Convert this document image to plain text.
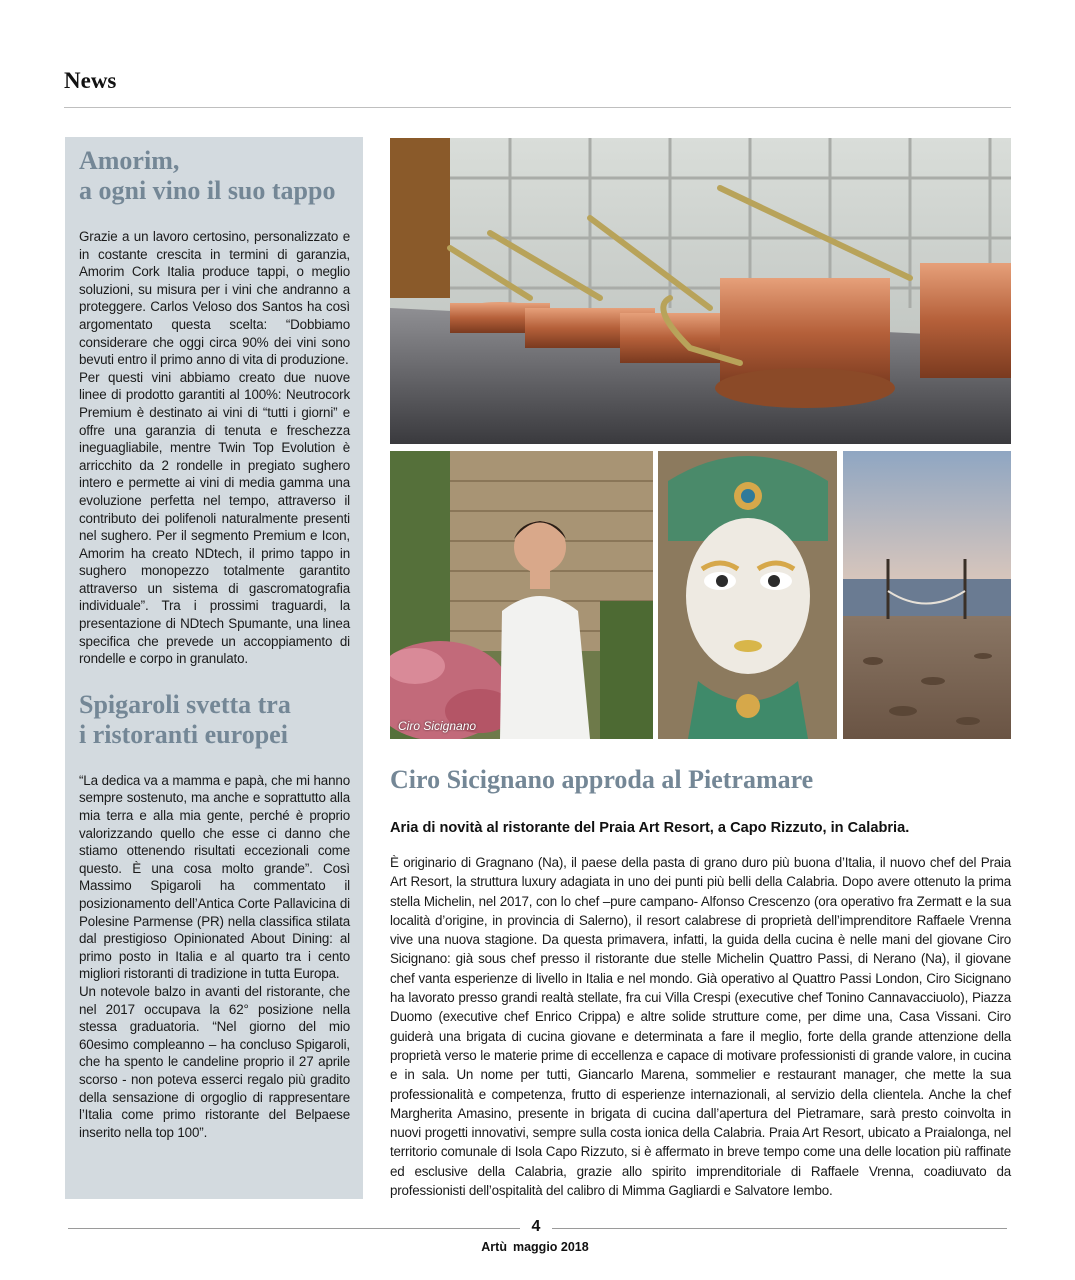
News
Amorim,
a ogni vino il suo tappo

Grazie a un lavoro certosino, personalizzato e in costante crescita in termini di garanzia, Amorim Cork Italia produce tappi, o meglio soluzioni, su misura per i vini che andranno a proteggere. Carlos Veloso dos Santos ha così argomentato questa scelta: “Dobbiamo considerare che oggi circa 90% dei vini sono bevuti entro il primo anno di vita di produzione.

Per questi vini abbiamo creato due nuove linee di prodotto garantiti al 100%: Neutrocork Premium è destinato ai vini di “tutti i giorni” e offre una garanzia di tenuta e freschezza ineguagliabile, mentre Twin Top Evolution è arricchito da 2 rondelle in pregiato sughero intero e permette ai vini di media gamma una evoluzione perfetta nel tempo, attraverso il contributo dei polifenoli naturalmente presenti nel sughero. Per il segmento Premium e Icon, Amorim ha creato NDtech, il primo tappo in sughero monopezzo totalmente garantito attraverso un sistema di gascromatografia individuale”. Tra i prossimi traguardi, la presentazione di NDtech Spumante, una linea specifica che prevede un accoppiamento di rondelle e corpo in granulato.

Spigaroli svetta tra
i ristoranti europei

“La dedica va a mamma e papà, che mi hanno sempre sostenuto, ma anche e soprattutto alla mia terra e alla mia gente, perché è proprio valorizzando quello che esse ci danno che stiamo ottenendo risultati eccezionali come questo. È una cosa molto grande”. Così Massimo Spigaroli ha commentato il posizionamento dell’Antica Corte Pallavicina di Polesine Parmense (PR) nella classifica stilata dal prestigioso Opinionated About Dining: al primo posto in Italia e al quarto tra i cento migliori ristoranti di tradizione in tutta Europa.

Un notevole balzo in avanti del ristorante, che nel 2017 occupava la 62° posizione nella stessa graduatoria. “Nel giorno del mio 60esimo compleanno – ha concluso Spigaroli, che ha spento le candeline proprio il 27 aprile scorso - non poteva esserci regalo più gradito della sensazione di orgoglio di rappresentare l’Italia come primo ristorante del Belpaese inserito nella top 100”.

Ciro Sicignano
Ciro Sicignano approda al Pietramare

Aria di novità al ristorante del Praia Art Resort, a Capo Rizzuto, in Calabria.

È originario di Gragnano (Na), il paese della pasta di grano duro più buona d’Italia, il nuovo chef del Praia Art Resort, la struttura luxury adagiata in uno dei punti più belli della Calabria. Dopo avere ottenuto la prima stella Michelin, nel 2017, con lo chef –pure campano- Alfonso Crescenzo (ora operativo fra Zermatt e la sua località d’origine, in provincia di Salerno), il resort calabrese di proprietà dell’imprenditore Raffaele Vrenna vive una nuova stagione. Da questa primavera, infatti, la guida della cucina è nelle mani del giovane Ciro Sicignano: già sous chef presso il ristorante due stelle Michelin Quattro Passi, di Nerano (Na), il giovane chef vanta esperienze di livello in Italia e nel mondo. Già operativo al Quattro Passi London, Ciro Sicignano ha lavorato presso grandi realtà stellate, fra cui Villa Crespi (executive chef Tonino Cannavacciuolo), Piazza Duomo (executive chef Enrico Crippa) e altre solide strutture come, per dime una, Casa Vissani. Ciro guiderà una brigata di cucina giovane e determinata a fare il meglio, forte della grande attenzione della proprietà verso le materie prime di eccellenza e capace di motivare professionisti di grande valore, in cucina e in sala. Un nome per tutti, Giancarlo Marena, sommelier e restaurant manager, che mette la sua professionalità e competenza, frutto di esperienze internazionali, al servizio della clientela. Anche la chef Margherita Amasino, presente in brigata di cucina dall’apertura del Pietramare, sarà presto coinvolta in nuovi progetti innovativi, sempre sulla costa ionica della Calabria. Praia Art Resort, ubicato a Praialonga, nel territorio comunale di Isola Capo Rizzuto, si è affermato in breve tempo come una delle location più raffinate ed esclusive della Calabria, grazie allo spirito imprenditoriale di Raffaele Vrenna, coadiuvato da professionisti dell’ospitalità del calibro di Mimma Gagliardi e Salvatore Iembo.

4
Artù maggio 2018
